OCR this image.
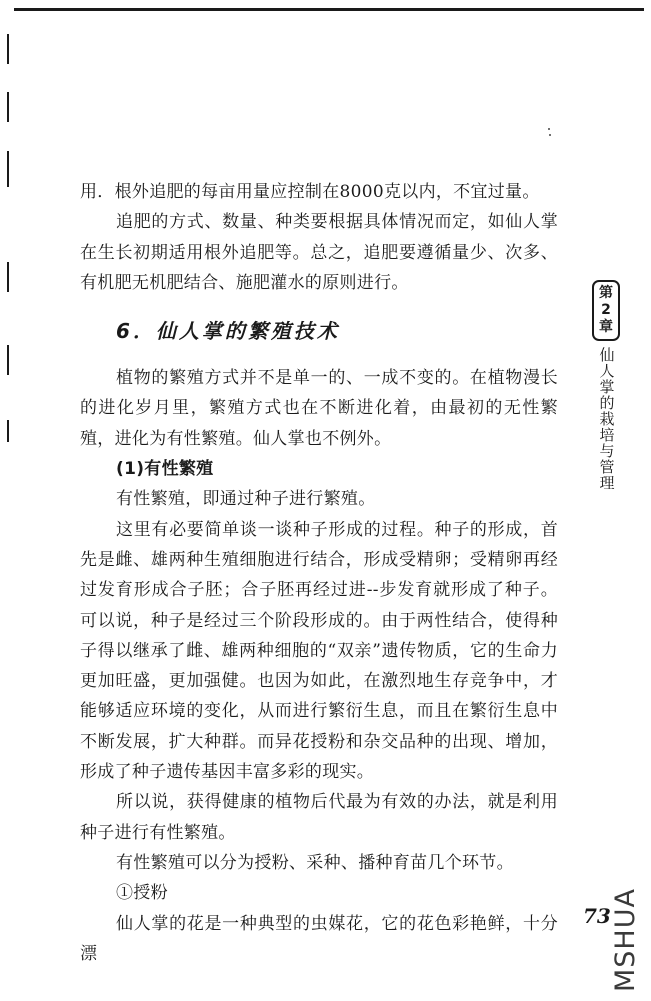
用．根外追肥的每亩用量应控制在8000克以内，不宜过量。

追肥的方式、数量、种类要根据具体情况而定，如仙人掌在生长初期适用根外追肥等。总之，追肥要遵循量少、次多、有机肥无机肥结合、施肥灌水的原则进行。

6．仙人掌的繁殖技术

植物的繁殖方式并不是单一的、一成不变的。在植物漫长的进化岁月里，繁殖方式也在不断进化着，由最初的无性繁殖，进化为有性繁殖。仙人掌也不例外。

(1)有性繁殖

有性繁殖，即通过种子进行繁殖。

这里有必要简单谈一谈种子形成的过程。种子的形成，首先是雌、雄两种生殖细胞进行结合，形成受精卵；受精卵再经过发育形成合子胚；合子胚再经过进--步发育就形成了种子。可以说，种子是经过三个阶段形成的。由于两性结合，使得种子得以继承了雌、雄两种细胞的“双亲”遗传物质，它的生命力更加旺盛，更加强健。也因为如此，在激烈地生存竞争中，才能够适应环境的变化，从而进行繁衍生息，而且在繁衍生息中不断发展，扩大种群。而异花授粉和杂交品种的出现、增加，形成了种子遗传基因丰富多彩的现实。

所以说，获得健康的植物后代最为有效的办法，就是利用种子进行有性繁殖。

有性繁殖可以分为授粉、采种、播种育苗几个环节。

①授粉

仙人掌的花是一种典型的虫媒花，它的花色彩艳鲜，十分漂

第
2
章
仙人掌的栽培与管理
73 MSHUA
